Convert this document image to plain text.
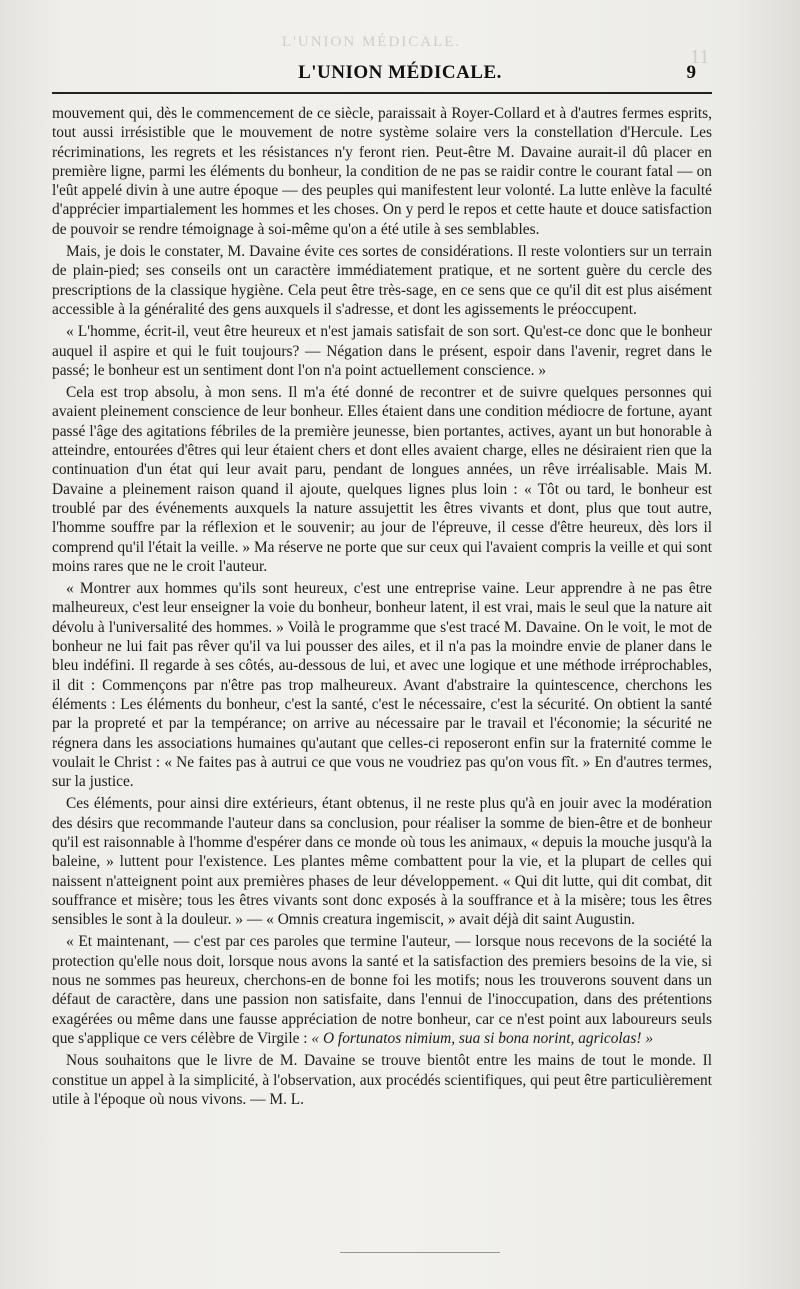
L'UNION MÉDICALE.
11
L'UNION MÉDICALE.	9

mouvement qui, dès le commencement de ce siècle, paraissait à Royer-Collard et à d'autres fermes esprits, tout aussi irrésistible que le mouvement de notre système solaire vers la constellation d'Hercule. Les récriminations, les regrets et les résistances n'y feront rien. Peut-être M. Davaine aurait-il dû placer en première ligne, parmi les éléments du bonheur, la condition de ne pas se raidir contre le courant fatal — on l'eût appelé divin à une autre époque — des peuples qui manifestent leur volonté. La lutte enlève la faculté d'apprécier impartialement les hommes et les choses. On y perd le repos et cette haute et douce satisfaction de pouvoir se rendre témoignage à soi-même qu'on a été utile à ses semblables.

Mais, je dois le constater, M. Davaine évite ces sortes de considérations. Il reste volontiers sur un terrain de plain-pied; ses conseils ont un caractère immédiatement pratique, et ne sortent guère du cercle des prescriptions de la classique hygiène. Cela peut être très-sage, en ce sens que ce qu'il dit est plus aisément accessible à la généralité des gens auxquels il s'adresse, et dont les agissements le préoccupent.

« L'homme, écrit-il, veut être heureux et n'est jamais satisfait de son sort. Qu'est-ce donc que le bonheur auquel il aspire et qui le fuit toujours? — Négation dans le présent, espoir dans l'avenir, regret dans le passé; le bonheur est un sentiment dont l'on n'a point actuellement conscience. »

Cela est trop absolu, à mon sens. Il m'a été donné de recontrer et de suivre quelques personnes qui avaient pleinement conscience de leur bonheur. Elles étaient dans une condition médiocre de fortune, ayant passé l'âge des agitations fébriles de la première jeunesse, bien portantes, actives, ayant un but honorable à atteindre, entourées d'êtres qui leur étaient chers et dont elles avaient charge, elles ne désiraient rien que la continuation d'un état qui leur avait paru, pendant de longues années, un rêve irréalisable. Mais M. Davaine a pleinement raison quand il ajoute, quelques lignes plus loin : « Tôt ou tard, le bonheur est troublé par des événements auxquels la nature assujettit les êtres vivants et dont, plus que tout autre, l'homme souffre par la réflexion et le souvenir; au jour de l'épreuve, il cesse d'être heureux, dès lors il comprend qu'il l'était la veille. » Ma réserve ne porte que sur ceux qui l'avaient compris la veille et qui sont moins rares que ne le croit l'auteur.

« Montrer aux hommes qu'ils sont heureux, c'est une entreprise vaine. Leur apprendre à ne pas être malheureux, c'est leur enseigner la voie du bonheur, bonheur latent, il est vrai, mais le seul que la nature ait dévolu à l'universalité des hommes. » Voilà le programme que s'est tracé M. Davaine. On le voit, le mot de bonheur ne lui fait pas rêver qu'il va lui pousser des ailes, et il n'a pas la moindre envie de planer dans le bleu indéfini. Il regarde à ses côtés, au-dessous de lui, et avec une logique et une méthode irréprochables, il dit : Commençons par n'être pas trop malheureux. Avant d'abstraire la quintescence, cherchons les éléments : Les éléments du bonheur, c'est la santé, c'est le nécessaire, c'est la sécurité. On obtient la santé par la propreté et par la tempérance; on arrive au nécessaire par le travail et l'économie; la sécurité ne régnera dans les associations humaines qu'autant que celles-ci reposeront enfin sur la fraternité comme le voulait le Christ : « Ne faites pas à autrui ce que vous ne voudriez pas qu'on vous fît. » En d'autres termes, sur la justice.

Ces éléments, pour ainsi dire extérieurs, étant obtenus, il ne reste plus qu'à en jouir avec la modération des désirs que recommande l'auteur dans sa conclusion, pour réaliser la somme de bien-être et de bonheur qu'il est raisonnable à l'homme d'espérer dans ce monde où tous les animaux, « depuis la mouche jusqu'à la baleine, » luttent pour l'existence. Les plantes même combattent pour la vie, et la plupart de celles qui naissent n'atteignent point aux premières phases de leur développement. « Qui dit lutte, qui dit combat, dit souffrance et misère; tous les êtres vivants sont donc exposés à la souffrance et à la misère; tous les êtres sensibles le sont à la douleur. » — « Omnis creatura ingemiscit, » avait déjà dit saint Augustin.

« Et maintenant, — c'est par ces paroles que termine l'auteur, — lorsque nous recevons de la société la protection qu'elle nous doit, lorsque nous avons la santé et la satisfaction des premiers besoins de la vie, si nous ne sommes pas heureux, cherchons-en de bonne foi les motifs; nous les trouverons souvent dans un défaut de caractère, dans une passion non satisfaite, dans l'ennui de l'inoccupation, dans des prétentions exagérées ou même dans une fausse appréciation de notre bonheur, car ce n'est point aux laboureurs seuls que s'applique ce vers célèbre de Virgile : « O fortunatos nimium, sua si bona norint, agricolas! »

Nous souhaitons que le livre de M. Davaine se trouve bientôt entre les mains de tout le monde. Il constitue un appel à la simplicité, à l'observation, aux procédés scientifiques, qui peut être particulièrement utile à l'époque où nous vivons. — M. L.
